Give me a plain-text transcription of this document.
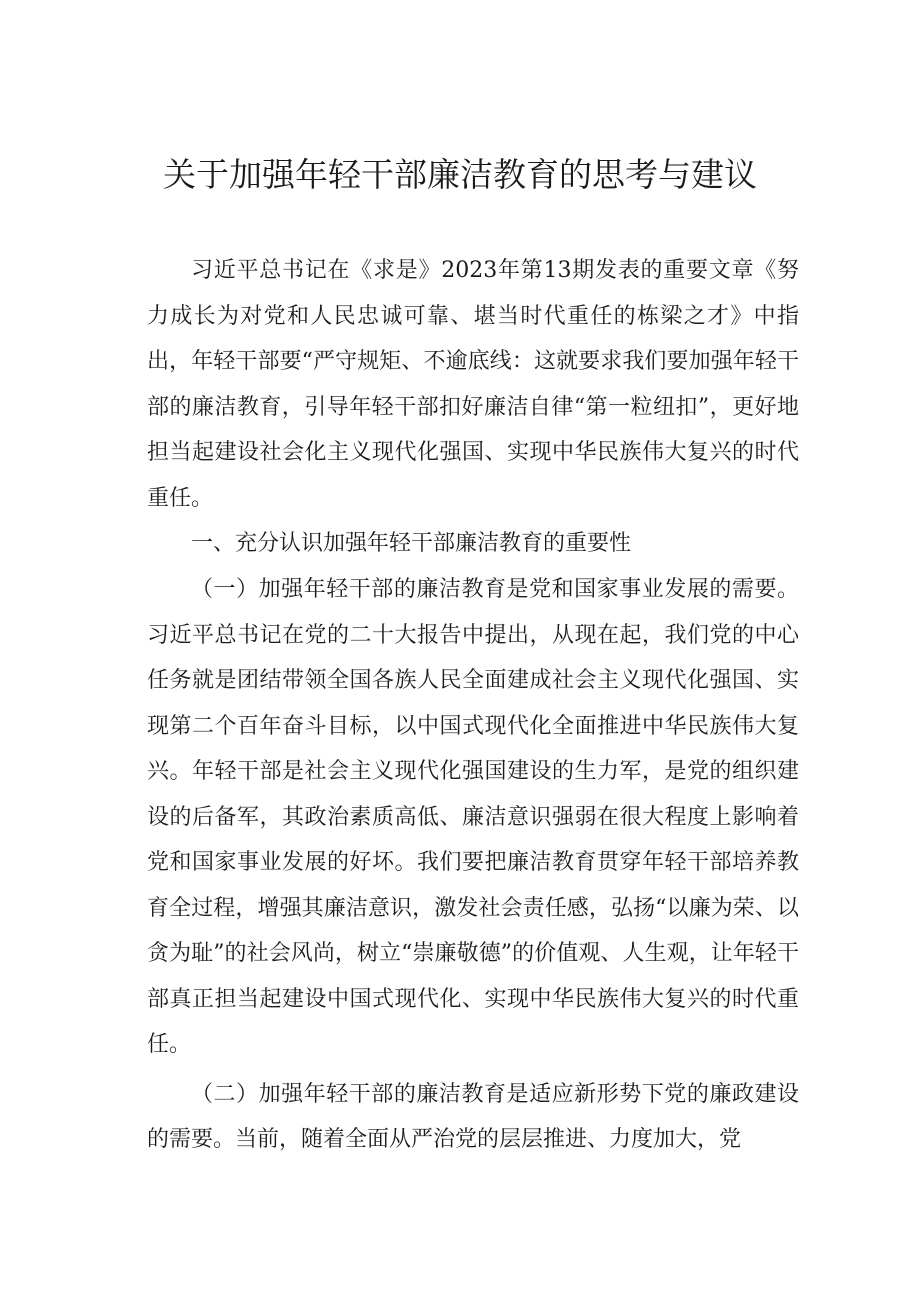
关于加强年轻干部廉洁教育的思考与建议

习近平总书记在《求是》2023年第13期发表的重要文章《努力成长为对党和人民忠诚可靠、堪当时代重任的栋梁之才》中指出，年轻干部要“严守规矩、不逾底线：这就要求我们要加强年轻干部的廉洁教育，引导年轻干部扣好廉洁自律“第一粒纽扣”，更好地担当起建设社会化主义现代化强国、实现中华民族伟大复兴的时代重任。

一、充分认识加强年轻干部廉洁教育的重要性

（一）加强年轻干部的廉洁教育是党和国家事业发展的需要。习近平总书记在党的二十大报告中提出，从现在起，我们党的中心任务就是团结带领全国各族人民全面建成社会主义现代化强国、实现第二个百年奋斗目标，以中国式现代化全面推进中华民族伟大复兴。年轻干部是社会主义现代化强国建设的生力军，是党的组织建设的后备军，其政治素质高低、廉洁意识强弱在很大程度上影响着党和国家事业发展的好坏。我们要把廉洁教育贯穿年轻干部培养教育全过程，增强其廉洁意识，激发社会责任感，弘扬“以廉为荣、以贪为耻”的社会风尚，树立“崇廉敬德”的价值观、人生观，让年轻干部真正担当起建设中国式现代化、实现中华民族伟大复兴的时代重任。

（二）加强年轻干部的廉洁教育是适应新形势下党的廉政建设的需要。当前，随着全面从严治党的层层推进、力度加大，党
